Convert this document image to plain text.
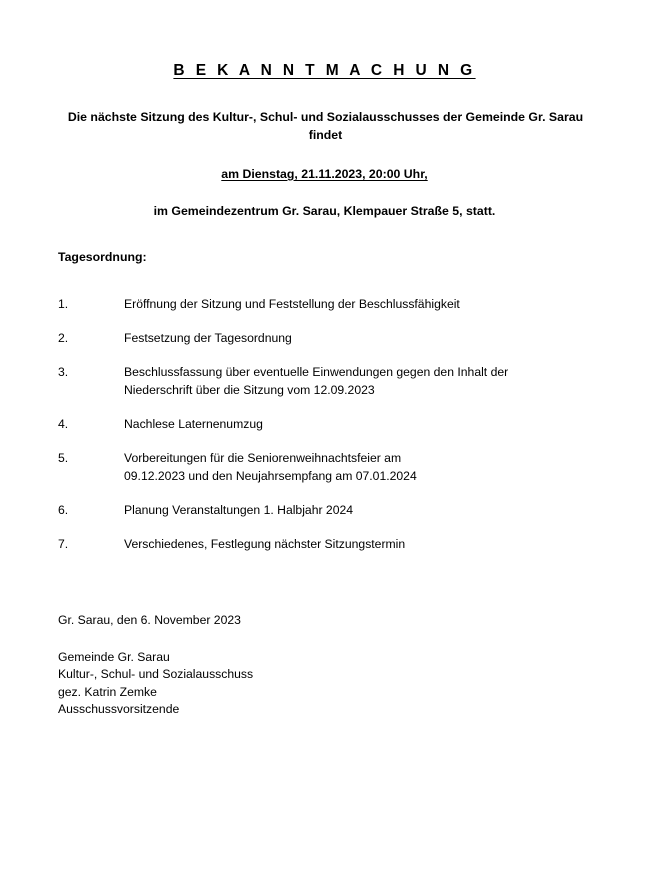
B E K A N N T M A C H U N G

Die nächste Sitzung des Kultur-, Schul- und Sozialausschusses der Gemeinde Gr. Sarau findet

am Dienstag, 21.11.2023, 20:00 Uhr,

im Gemeindezentrum Gr. Sarau, Klempauer Straße 5, statt.

Tagesordnung:

1.	Eröffnung der Sitzung und Feststellung der Beschlussfähigkeit
2.	Festsetzung der Tagesordnung
3.	Beschlussfassung über eventuelle Einwendungen gegen den Inhalt der
Niederschrift über die Sitzung vom 12.09.2023
4.	Nachlese Laternenumzug
5.	Vorbereitungen für die Seniorenweihnachtsfeier am
09.12.2023 und den Neujahrsempfang am 07.01.2024
6.	Planung Veranstaltungen 1. Halbjahr 2024
7.	Verschiedenes, Festlegung nächster Sitzungstermin
Gr. Sarau, den 6. November 2023
Gemeinde Gr. Sarau
Kultur-, Schul- und Sozialausschuss
gez. Katrin Zemke
Ausschussvorsitzende
